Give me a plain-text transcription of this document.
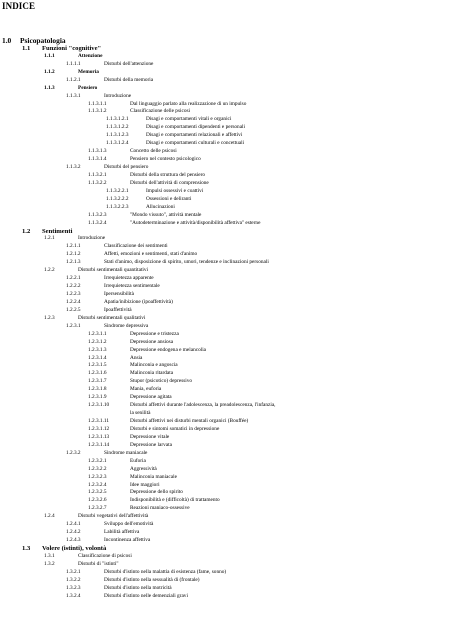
INDICE
1.0 Psicopatologia
1.1 Funzioni "cognitive"
1.1.1	Attenzione
1.1.1.1	Disturbi dell'attenzione
1.1.2	Memoria
1.1.2.1	Disturbi della memoria
1.1.3	Pensiero
1.1.3.1	Introduzione
1.1.3.1.1	Dal linguaggio parlato alla realizzazione di un impulso
1.1.3.1.2	Classificazione delle psicosi
1.1.3.1.2.1	Disagi e comportamenti vitali e organici
1.1.3.1.2.2	Disagi e comportamenti dipendenti e personali
1.1.3.1.2.3	Disagi e comportamenti relazionali e affettivi
1.1.3.1.2.4	Disagi e comportamenti culturali e concettuali
1.1.3.1.3	Concetto delle psicosi
1.1.3.1.4	Pensiero nel contesto psicologico
1.1.3.2	Disturbi del pensiero
1.1.3.2.1	Disturbi della struttura del pensiero
1.1.3.2.2	Disturbi dell'attività di comprensione
1.1.3.2.2.1	Impulsi ossessivi e coattivi
1.1.3.2.2.2	Ossessioni e deliranti
1.1.3.2.2.3	Allucinazioni
1.1.3.2.3	"Mondo vissuto", attività mentale
1.1.3.2.4	"Autodeterminazione e attività/disponibilità affettiva" esterne
1.2 Sentimenti
1.2.1	Introduzione
1.2.1.1	Classificazione dei sentimenti
1.2.1.2	Affetti, emozioni e sentimenti, stati d'animo
1.2.1.3	Stati d'animo, disposizione di spirito, umori, tendenze e inclinazioni personali
1.2.2	Disturbi sentimentali quantitativi
1.2.2.1	Irrequietezza apparente
1.2.2.2	Irrequietezza sentimentale
1.2.2.3	Ipersensibilità
1.2.2.4	Apatia/inibizione (ipoaffettività)
1.2.2.5	Ipoaffettività
1.2.3	Disturbi sentimentali qualitativi
1.2.3.1	Sindrome depressiva
1.2.3.1.1	Depressione e tristezza
1.2.3.1.2	Depressione ansiosa
1.2.3.1.3	Depressione endogena e melancolia
1.2.3.1.4	Ansia
1.2.3.1.5	Malinconia e angoscia
1.2.3.1.6	Malinconia ritardata
1.2.3.1.7	Stupor (psicotico) depressivo
1.2.3.1.8	Mania, euforia
1.2.3.1.9	Depressione agitata
1.2.3.1.10	Disturbi affettivi durante l'adolescenza, la preadolescenza, l'infanzia,
la senilità
1.2.3.1.11	Disturbi affettivi nei disturbi mentali organici (Bouffée)
1.2.3.1.12	Disturbi e sintomi somatici in depressione
1.2.3.1.13	Depressione vitale
1.2.3.1.14	Depressione larvata
1.2.3.2	Sindrome maniacale
1.2.3.2.1	Euforia
1.2.3.2.2	Aggressività
1.2.3.2.3	Malinconia maniacale
1.2.3.2.4	Idee maggiori
1.2.3.2.5	Depressione dello spirito
1.2.3.2.6	Indisponibilità e (difficoltà) di trattamento
1.2.3.2.7	Reazioni maniaco-ossessive
1.2.4	Disturbi vegetativi dell'affettività
1.2.4.1	Sviluppo dell'emotività
1.2.4.2	Labilità affettiva
1.2.4.3	Incontinenza affettiva
1.3 Volere (istinti), volontà
1.3.1	Classificazione di psicosi
1.3.2	Disturbi di "istinti"
1.3.2.1	Disturbi d'istinto nella malattia di esistenza (fame, sonno)
1.3.2.2	Disturbi d'istinto nella sessualità di (frontale)
1.3.2.3	Disturbi d'istinto nella motricità
1.3.2.4	Disturbi d'istinto nelle demenziali gravi
